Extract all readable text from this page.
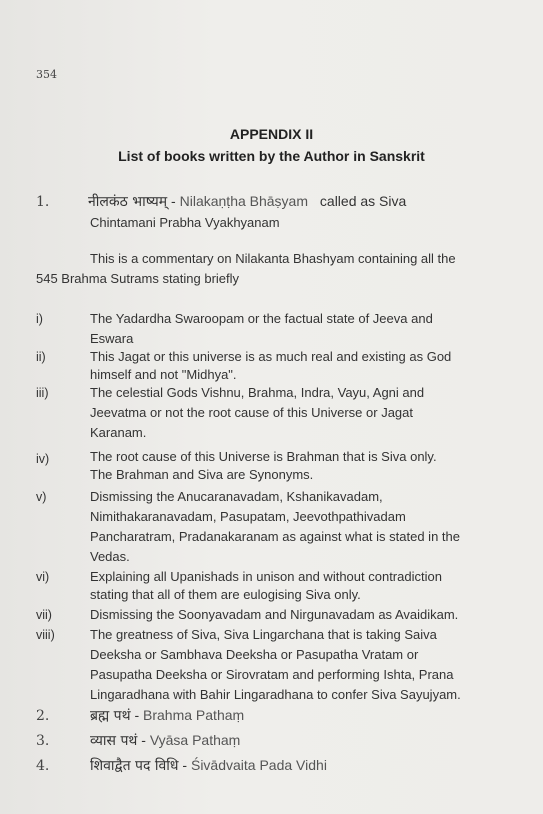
354
APPENDIX II
List of books written by the Author in Sanskrit
1.	नीलकंठ भाष्यम् - Nilakaṇṭha Bhāṣyam called as Siva
Chintamani Prabha Vyakhyanam
This is a commentary on Nilakanta Bhashyam containing all the
545 Brahma Sutrams stating briefly
i)	The Yadardha Swaroopam or the factual state of Jeeva and
Eswara
ii)	This Jagat or this universe is as much real and existing as God
himself and not "Midhya".
iii)	The celestial Gods Vishnu, Brahma, Indra, Vayu, Agni and
Jeevatma or not the root cause of this Universe or Jagat
Karanam.
iv)	The root cause of this Universe is Brahman that is Siva only.
The Brahman and Siva are Synonyms.
v)	Dismissing the Anucaranavadam, Kshanikavadam,
Nimithakaranavadam, Pasupatam, Jeevothpathivadam
Pancharatram, Pradanakaranam as against what is stated in the
Vedas.
vi)	Explaining all Upanishads in unison and without contradiction
stating that all of them are eulogising Siva only.
vii)	Dismissing the Soonyavadam and Nirgunavadam as Avaidikam.
viii)	The greatness of Siva, Siva Lingarchana that is taking Saiva
Deeksha or Sambhava Deeksha or Pasupatha Vratam or
Pasupatha Deeksha or Sirovratam and performing Ishta, Prana
Lingaradhana with Bahir Lingaradhana to confer Siva Sayujyam.
2.	ब्रह्म पथं - Brahma Pathaṃ
3.	व्यास पथं - Vyāsa Pathaṃ
4.	शिवाद्वैत पद विधि - Śivādvaita Pada Vidhi
